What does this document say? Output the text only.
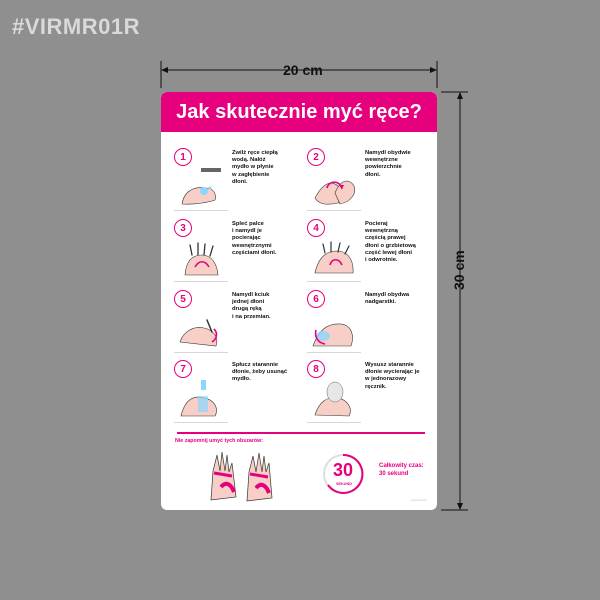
#VIRMR01R
20 cm
30 cm
Jak skutecznie myć ręce?
1	Zwilż ręce ciepłą
wodą. Nałóż
mydło w płynie
w zagłębienie
dłoni.
2	Namydl obydwie
wewnętrzne
powierzchnie
dłoni.
3	Spleć palce
i namydl je
pocierając
wewnętrznymi
częściami dłoni.
4	Pocieraj
wewnętrzną
częścią prawej
dłoni o grzbietową
część lewej dłoni
i odwrotnie.
5	Namydl kciuk
jednej dłoni
drugą ręką
i na przemian.
6	Namydl obydwa
nadgarstki.
7	Spłucz starannie
dłonie, żeby usunąć
mydło.
8	Wysusz starannie
dłonie wycierając je
w jednorazowy
ręcznik.
Nie zapomnij umyć tych obszarów:
30
SEKUND
Całkowity czas:
30 sekund
www.virtu.pl
